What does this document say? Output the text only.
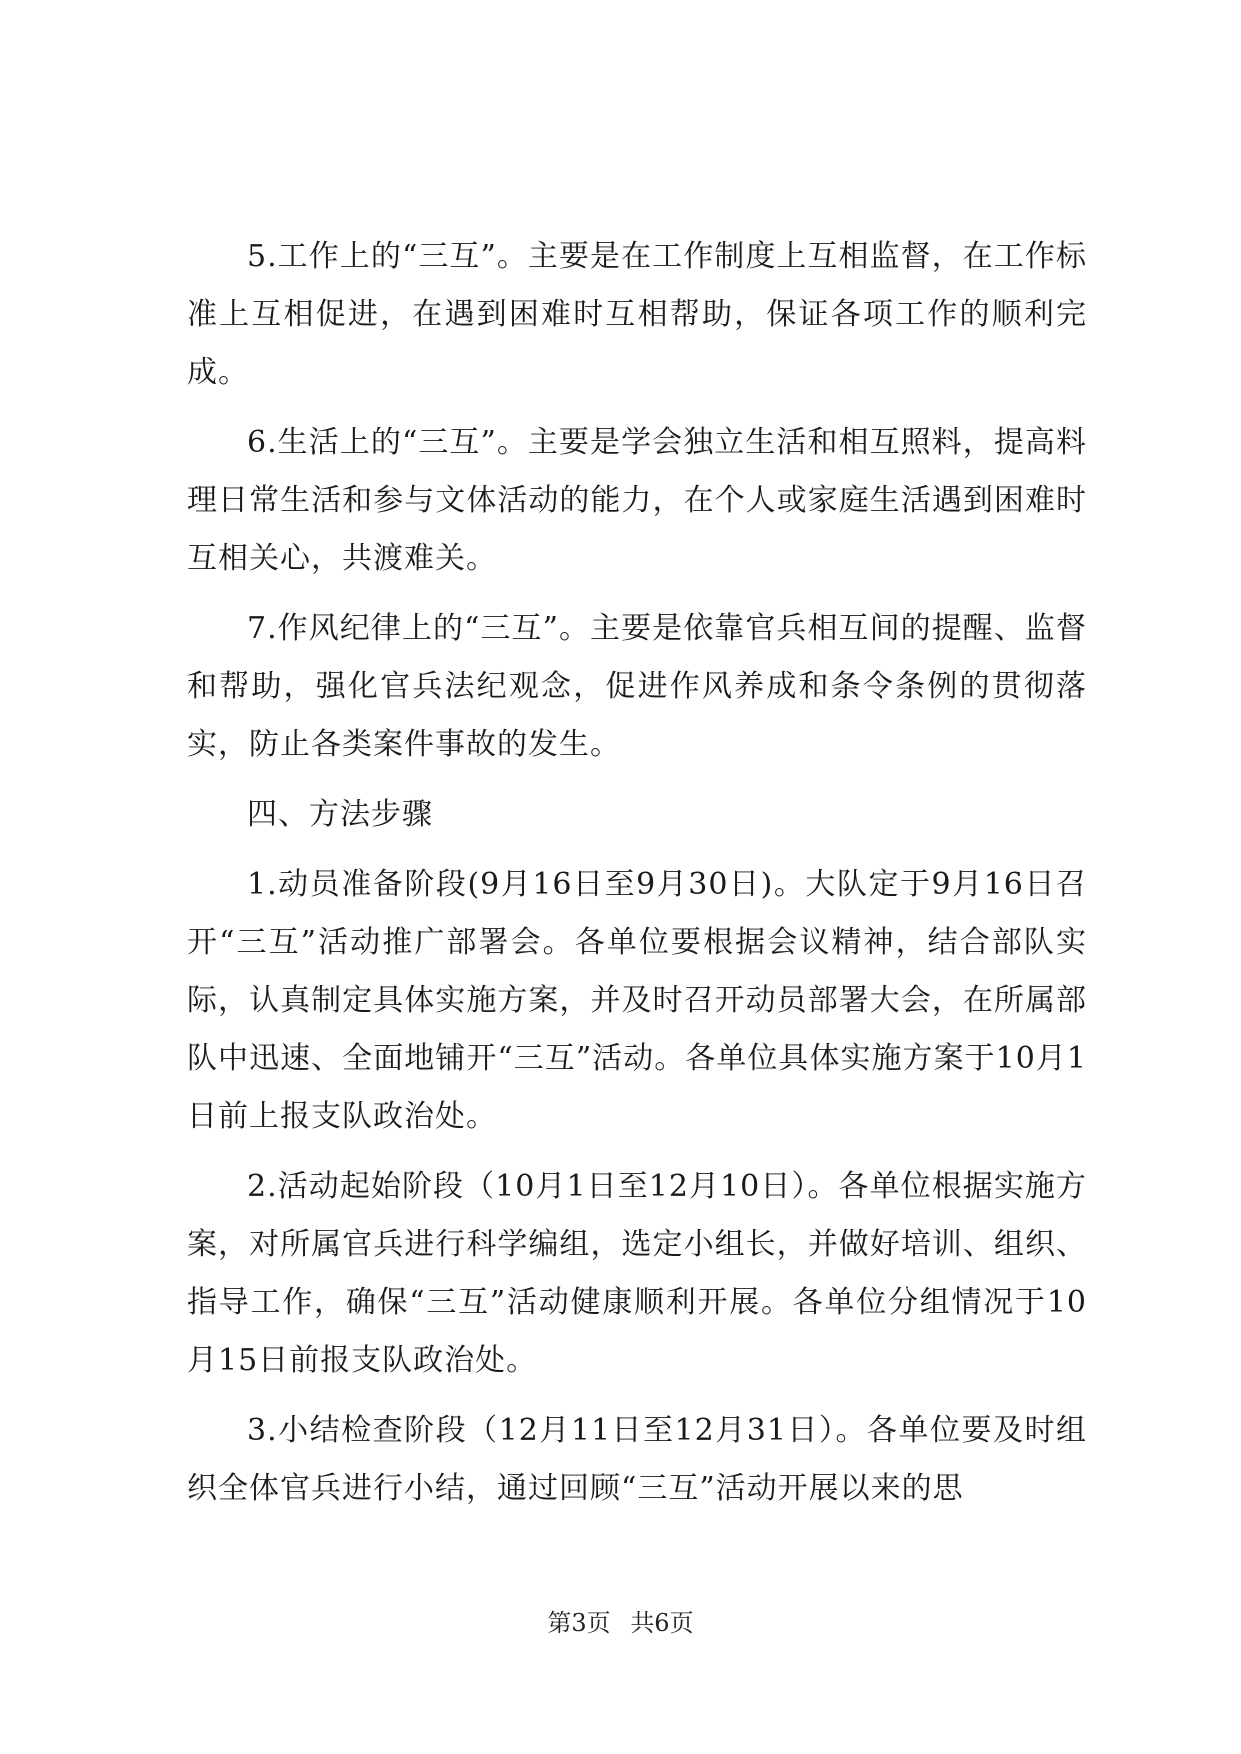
5.工作上的“三互”。主要是在工作制度上互相监督，在工作标准上互相促进，在遇到困难时互相帮助，保证各项工作的顺利完成。

6.生活上的“三互”。主要是学会独立生活和相互照料，提高料理日常生活和参与文体活动的能力，在个人或家庭生活遇到困难时互相关心，共渡难关。

7.作风纪律上的“三互”。主要是依靠官兵相互间的提醒、监督和帮助，强化官兵法纪观念，促进作风养成和条令条例的贯彻落实，防止各类案件事故的发生。

四、方法步骤

1.动员准备阶段(9月16日至9月30日)。大队定于9月16日召开“三互”活动推广部署会。各单位要根据会议精神，结合部队实际，认真制定具体实施方案，并及时召开动员部署大会，在所属部队中迅速、全面地铺开“三互”活动。各单位具体实施方案于10月1日前上报支队政治处。

2.活动起始阶段（10月1日至12月10日）。各单位根据实施方案，对所属官兵进行科学编组，选定小组长，并做好培训、组织、指导工作，确保“三互”活动健康顺利开展。各单位分组情况于10月15日前报支队政治处。

3.小结检查阶段（12月11日至12月31日）。各单位要及时组织全体官兵进行小结，通过回顾“三互”活动开展以来的思

第3页 共6页
